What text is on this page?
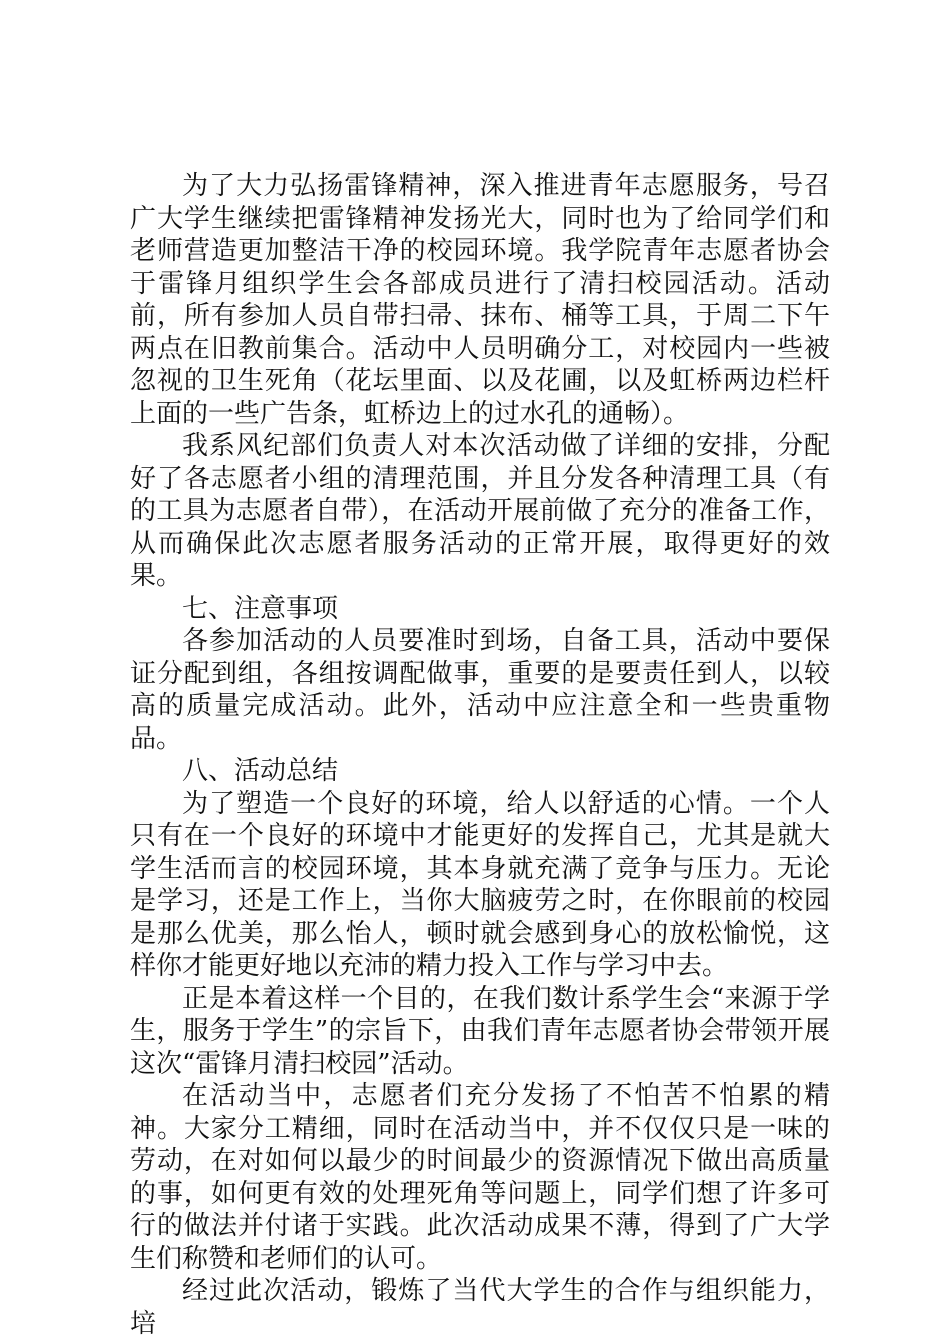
为了大力弘扬雷锋精神，深入推进青年志愿服务，号召广大学生继续把雷锋精神发扬光大，同时也为了给同学们和老师营造更加整洁干净的校园环境。我学院青年志愿者协会于雷锋月组织学生会各部成员进行了清扫校园活动。活动前，所有参加人员自带扫帚、抹布、桶等工具，于周二下午两点在旧教前集合。活动中人员明确分工，对校园内一些被忽视的卫生死角（花坛里面、以及花圃，以及虹桥两边栏杆上面的一些广告条，虹桥边上的过水孔的通畅）。

我系风纪部们负责人对本次活动做了详细的安排，分配好了各志愿者小组的清理范围，并且分发各种清理工具（有的工具为志愿者自带），在活动开展前做了充分的准备工作，从而确保此次志愿者服务活动的正常开展，取得更好的效果。

七、注意事项

各参加活动的人员要准时到场，自备工具，活动中要保证分配到组，各组按调配做事，重要的是要责任到人，以较高的质量完成活动。此外，活动中应注意全和一些贵重物品。

八、活动总结

为了塑造一个良好的环境，给人以舒适的心情。一个人只有在一个良好的环境中才能更好的发挥自己，尤其是就大学生活而言的校园环境，其本身就充满了竞争与压力。无论是学习，还是工作上，当你大脑疲劳之时，在你眼前的校园是那么优美，那么怡人，顿时就会感到身心的放松愉悦，这样你才能更好地以充沛的精力投入工作与学习中去。

正是本着这样一个目的，在我们数计系学生会“来源于学生，服务于学生”的宗旨下，由我们青年志愿者协会带领开展这次“雷锋月清扫校园”活动。

在活动当中，志愿者们充分发扬了不怕苦不怕累的精神。大家分工精细，同时在活动当中，并不仅仅只是一味的劳动，在对如何以最少的时间最少的资源情况下做出高质量的事，如何更有效的处理死角等问题上，同学们想了许多可行的做法并付诸于实践。此次活动成果不薄，得到了广大学生们称赞和老师们的认可。

经过此次活动，锻炼了当代大学生的合作与组织能力，培
